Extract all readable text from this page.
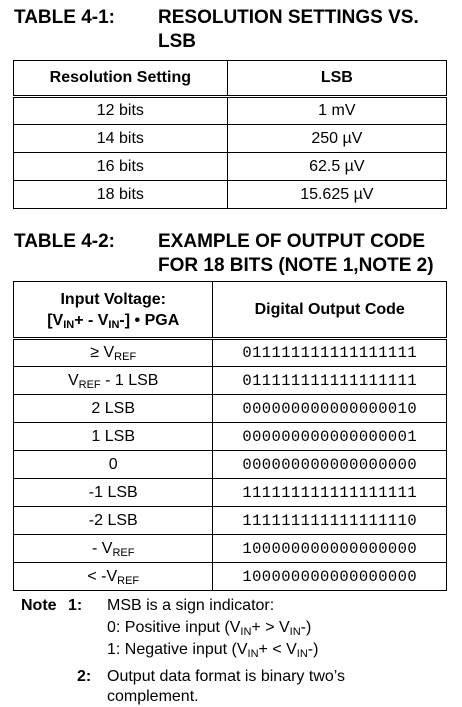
TABLE 4-1: RESOLUTION SETTINGS VS.
LSB
Resolution Setting	LSB
12 bits	1 mV
14 bits	250 µV
16 bits	62.5 µV
18 bits	15.625 µV
TABLE 4-2: EXAMPLE OF OUTPUT CODE
FOR 18 BITS (NOTE 1,NOTE 2)
Input Voltage:
$[V_{IN}+ - V_{IN}-]$ • PGA	Digital Output Code
≥ $V_{REF}$	011111111111111111
$V_{REF} - 1$ LSB	011111111111111111
2 LSB	000000000000000010
1 LSB	000000000000000001
0	000000000000000000
-1 LSB	111111111111111111
-2 LSB	111111111111111110
- $V_{REF}$	100000000000000000
< $-V_{REF}$	100000000000000000
Note 1: MSB is a sign indicator:
0: Positive input $(V_{IN}+ > V_{IN}-)$
1: Negative input $(V_{IN}+ < V_{IN}-)$
2: Output data format is binary two’s
complement.
